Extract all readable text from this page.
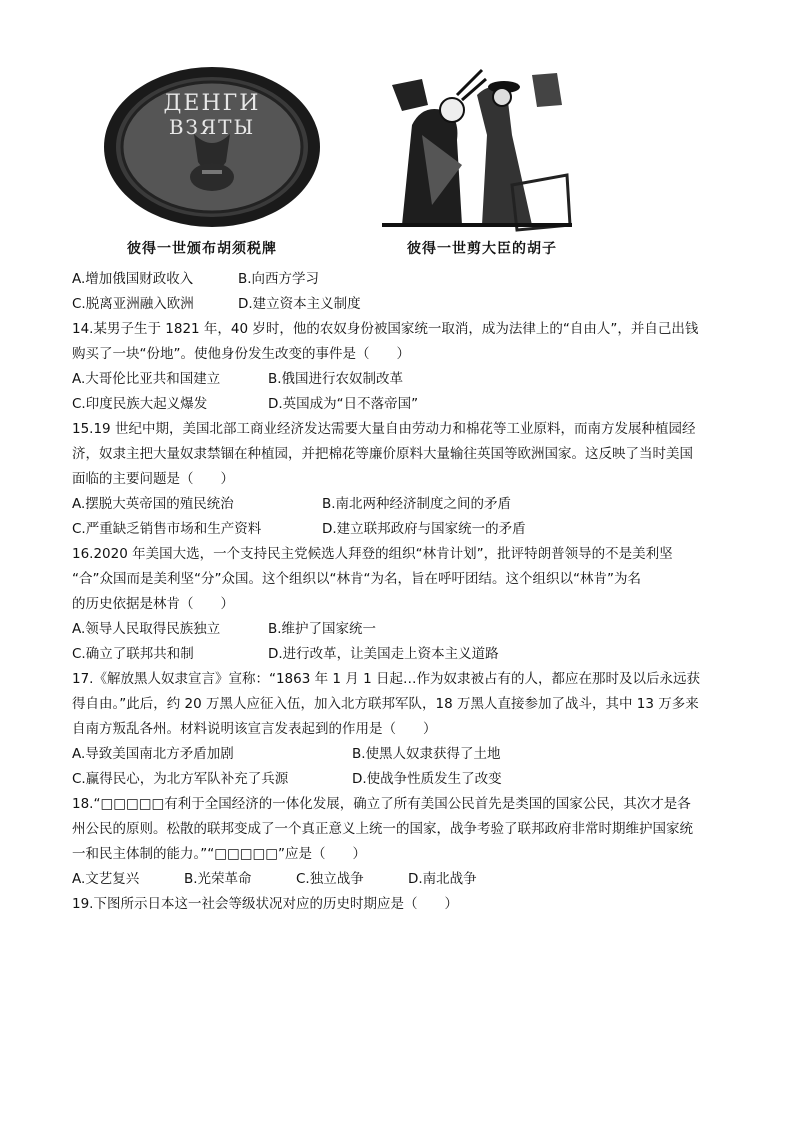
ДЕНГИ
ВЗЯТЫ
彼得一世颁布胡须税牌	彼得一世剪大臣的胡子
A.增加俄国财政收入	B.向西方学习
C.脱离亚洲融入欧洲	D.建立资本主义制度
14.某男子生于 1821 年，40 岁时，他的农奴身份被国家统一取消，成为法律上的“自由人”，并自己出钱
购买了一块“份地”。使他身份发生改变的事件是（　　）
A.大哥伦比亚共和国建立	B.俄国进行农奴制改革
C.印度民族大起义爆发	D.英国成为“日不落帝国”
15.19 世纪中期，美国北部工商业经济发达需要大量自由劳动力和棉花等工业原料，而南方发展种植园经
济，奴隶主把大量奴隶禁锢在种植园，并把棉花等廉价原料大量输往英国等欧洲国家。这反映了当时美国
面临的主要问题是（　　）
A.摆脱大英帝国的殖民统治	B.南北两种经济制度之间的矛盾
C.严重缺乏销售市场和生产资料	D.建立联邦政府与国家统一的矛盾
16.2020 年美国大选，一个支持民主党候选人拜登的组织“林肯计划”，批评特朗普领导的不是美利坚
“合”众国而是美利坚“分”众国。这个组织以“林肯“为名，旨在呼吁团结。这个组织以“林肯”为名
的历史依据是林肯（　　）
A.领导人民取得民族独立	B.维护了国家统一
C.确立了联邦共和制	D.进行改革，让美国走上资本主义道路
17.《解放黑人奴隶宣言》宣称：“1863 年 1 月 1 日起…作为奴隶被占有的人，都应在那时及以后永远获
得自由。”此后，约 20 万黑人应征入伍，加入北方联邦军队，18 万黑人直接参加了战斗，其中 13 万多来
自南方叛乱各州。材料说明该宣言发表起到的作用是（　　）
A.导致美国南北方矛盾加剧	B.使黑人奴隶获得了土地
C.赢得民心，为北方军队补充了兵源	D.使战争性质发生了改变
18.“□□□□□有利于全国经济的一体化发展，确立了所有美国公民首先是类国的国家公民，其次才是各
州公民的原则。松散的联邦变成了一个真正意义上统一的国家，战争考验了联邦政府非常时期维护国家统
一和民主体制的能力。”“□□□□□”应是（　　）
A.文艺复兴	B.光荣革命	C.独立战争	D.南北战争
19.下图所示日本这一社会等级状况对应的历史时期应是（　　）
